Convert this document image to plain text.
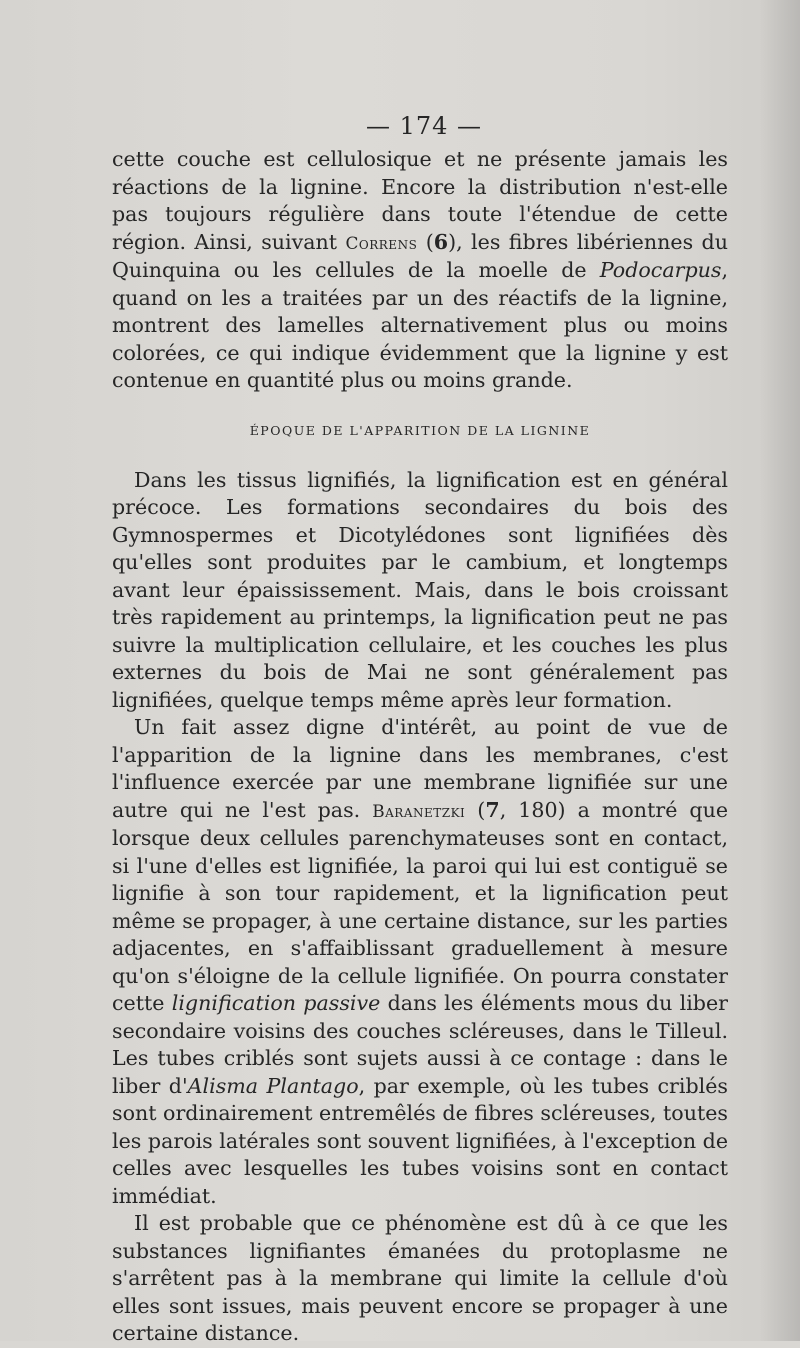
— 174 —

cette couche est cellulosique et ne présente jamais les réactions de la lignine. Encore la distribution n'est-elle pas toujours régulière dans toute l'étendue de cette région. Ainsi, suivant Correns (6), les fibres libériennes du Quinquina ou les cellules de la moelle de Podocarpus, quand on les a traitées par un des réactifs de la lignine, montrent des lamelles alternativement plus ou moins colorées, ce qui indique évidemment que la lignine y est contenue en quantité plus ou moins grande.

ÉPOQUE DE L'APPARITION DE LA LIGNINE

Dans les tissus lignifiés, la lignification est en général précoce. Les formations secondaires du bois des Gymnospermes et Dicotylédones sont lignifiées dès qu'elles sont produites par le cambium, et longtemps avant leur épaississement. Mais, dans le bois croissant très rapidement au printemps, la lignification peut ne pas suivre la multiplication cellulaire, et les couches les plus externes du bois de Mai ne sont généralement pas lignifiées, quelque temps même après leur formation.

Un fait assez digne d'intérêt, au point de vue de l'apparition de la lignine dans les membranes, c'est l'influence exercée par une membrane lignifiée sur une autre qui ne l'est pas. Baranetzki (7, 180) a montré que lorsque deux cellules parenchymateuses sont en contact, si l'une d'elles est lignifiée, la paroi qui lui est contiguë se lignifie à son tour rapidement, et la lignification peut même se propager, à une certaine distance, sur les parties adjacentes, en s'affaiblissant graduellement à mesure qu'on s'éloigne de la cellule lignifiée. On pourra constater cette lignification passive dans les éléments mous du liber secondaire voisins des couches scléreuses, dans le Tilleul. Les tubes criblés sont sujets aussi à ce contage : dans le liber d'Alisma Plantago, par exemple, où les tubes criblés sont ordinairement entremêlés de fibres scléreuses, toutes les parois latérales sont souvent lignifiées, à l'exception de celles avec lesquelles les tubes voisins sont en contact immédiat.

Il est probable que ce phénomène est dû à ce que les substances lignifiantes émanées du protoplasme ne s'arrêtent pas à la membrane qui limite la cellule d'où elles sont issues, mais peuvent encore se propager à une certaine distance.
